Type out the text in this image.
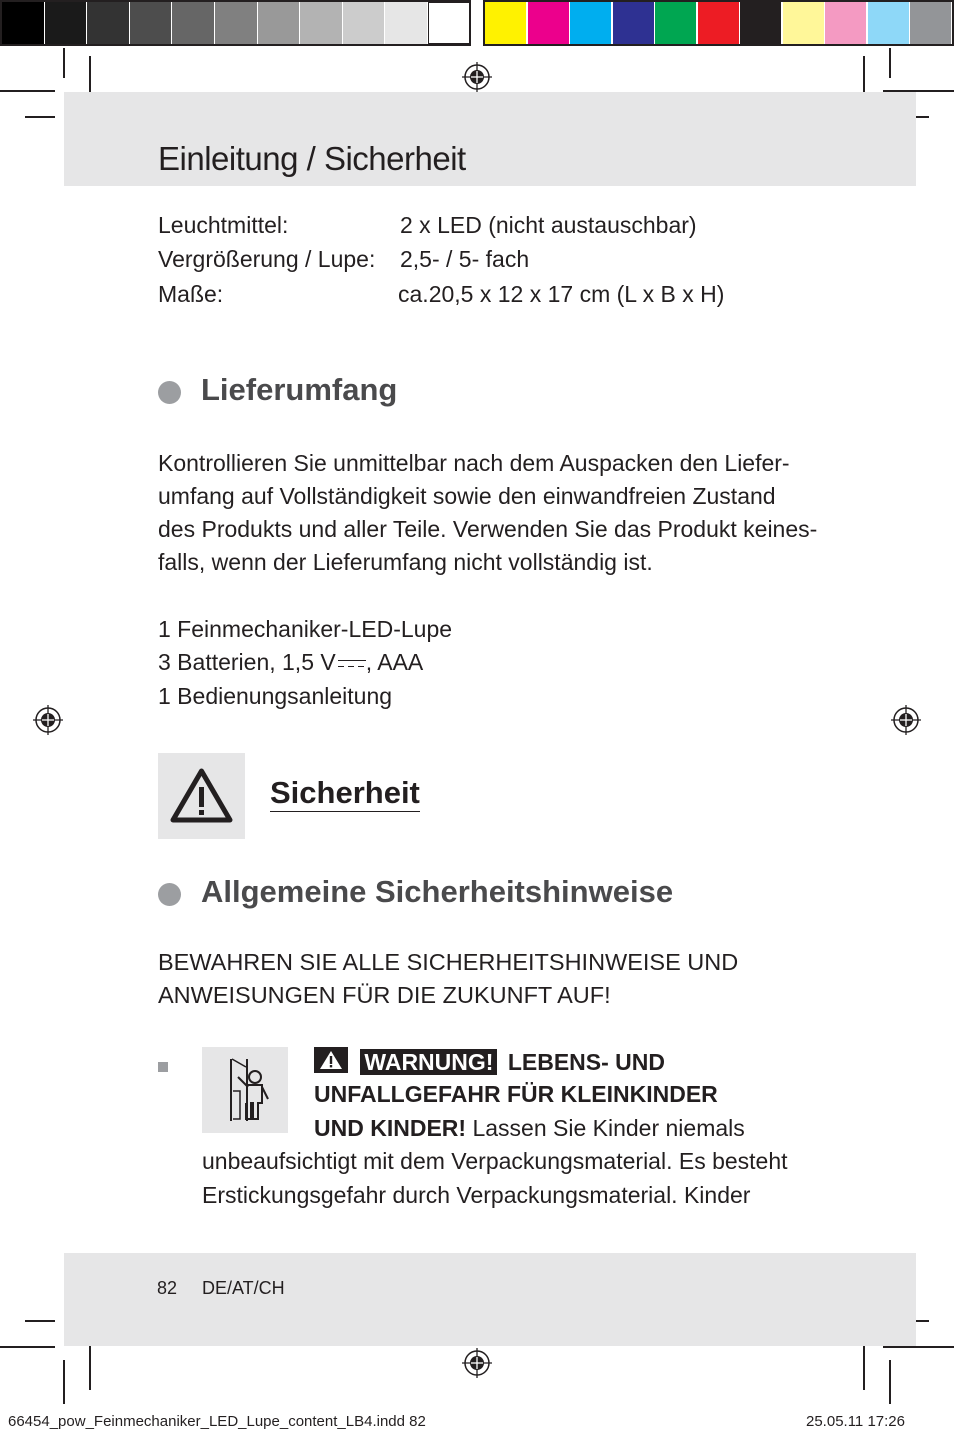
Einleitung / Sicherheit
Leuchtmittel:	2 x LED (nicht austauschbar)
Vergrößerung / Lupe: 2,5- / 5- fach
Maße:	ca.20,5 x 12 x 17 cm (L x B x H)
Lieferumfang
Kontrollieren Sie unmittelbar nach dem Auspacken den Liefer-
umfang auf Vollständigkeit sowie den einwandfreien Zustand
des Produkts und aller Teile. Verwenden Sie das Produkt keines-
falls, wenn der Lieferumfang nicht vollständig ist.
1 Feinmechaniker-LED-Lupe
3 Batterien, 1,5 V , AAA
1 Bedienungsanleitung
Sicherheit
Allgemeine Sicherheitshinweise
BEWAHREN SIE ALLE SICHERHEITSHINWEISE UND
ANWEISUNGEN FÜR DIE ZUKUNFT AUF!
WARNUNG! LEBENS- UND
UNFALLGEFAHR FÜR KLEINKINDER
UND KINDER! Lassen Sie Kinder niemals
unbeaufsichtigt mit dem Verpackungsmaterial. Es besteht
Erstickungsgefahr durch Verpackungsmaterial. Kinder
82 DE/AT/CH
66454_pow_Feinmechaniker_LED_Lupe_content_LB4.indd 82	25.05.11 17:26
